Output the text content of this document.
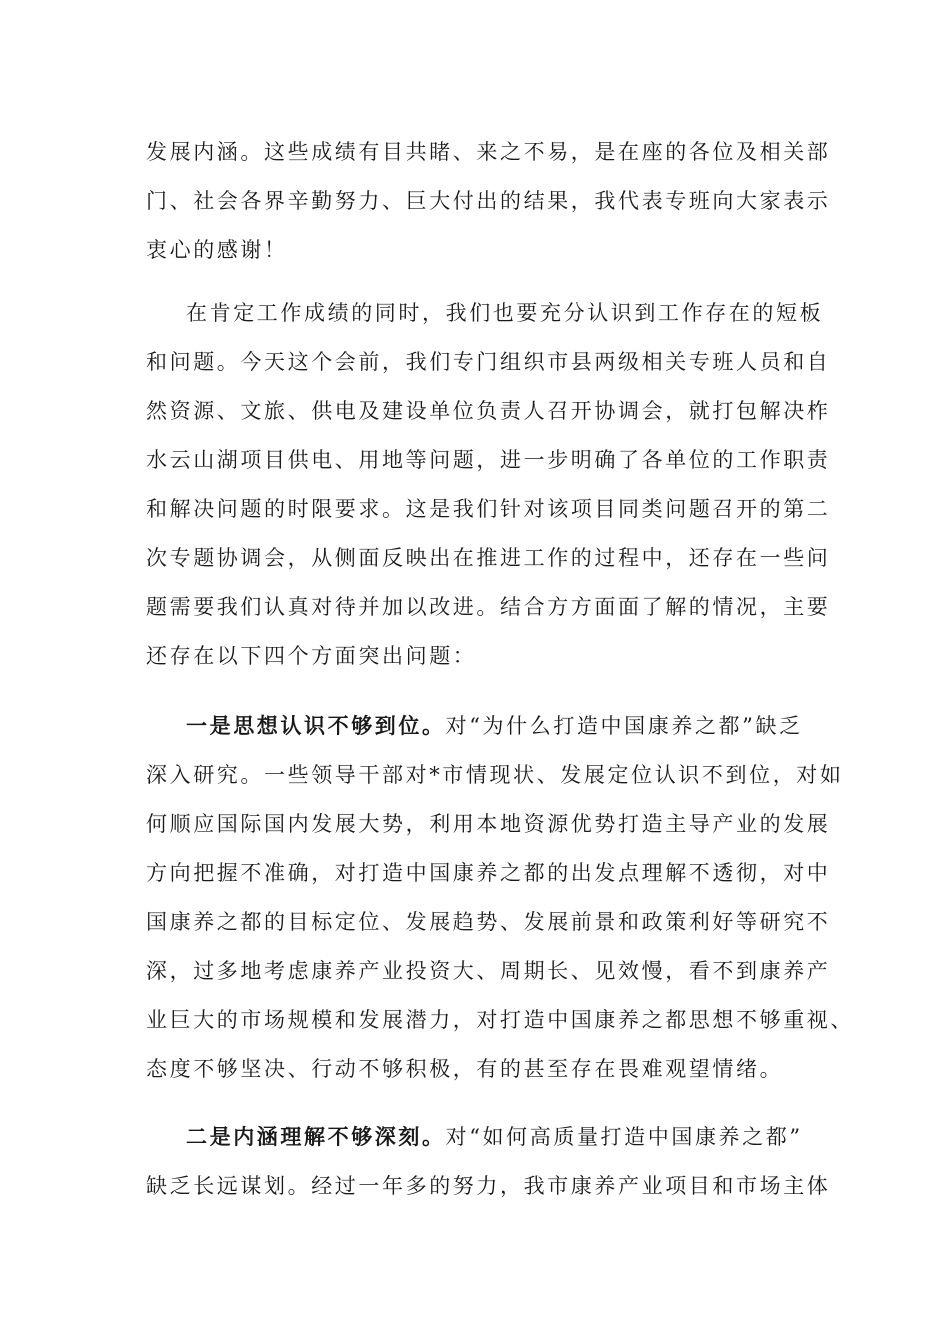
发展内涵。这些成绩有目共睹、来之不易，是在座的各位及相关部
门、社会各界辛勤努力、巨大付出的结果，我代表专班向大家表示
衷心的感谢！

在肯定工作成绩的同时，我们也要充分认识到工作存在的短板
和问题。今天这个会前，我们专门组织市县两级相关专班人员和自
然资源、文旅、供电及建设单位负责人召开协调会，就打包解决柞
水云山湖项目供电、用地等问题，进一步明确了各单位的工作职责
和解决问题的时限要求。这是我们针对该项目同类问题召开的第二
次专题协调会，从侧面反映出在推进工作的过程中，还存在一些问
题需要我们认真对待并加以改进。结合方方面面了解的情况，主要
还存在以下四个方面突出问题：

一是思想认识不够到位。对“为什么打造中国康养之都”缺乏
深入研究。一些领导干部对*市情现状、发展定位认识不到位，对如
何顺应国际国内发展大势，利用本地资源优势打造主导产业的发展
方向把握不准确，对打造中国康养之都的出发点理解不透彻，对中
国康养之都的目标定位、发展趋势、发展前景和政策利好等研究不
深，过多地考虑康养产业投资大、周期长、见效慢，看不到康养产
业巨大的市场规模和发展潜力，对打造中国康养之都思想不够重视、
态度不够坚决、行动不够积极，有的甚至存在畏难观望情绪。

二是内涵理解不够深刻。对“如何高质量打造中国康养之都”
缺乏长远谋划。经过一年多的努力，我市康养产业项目和市场主体
